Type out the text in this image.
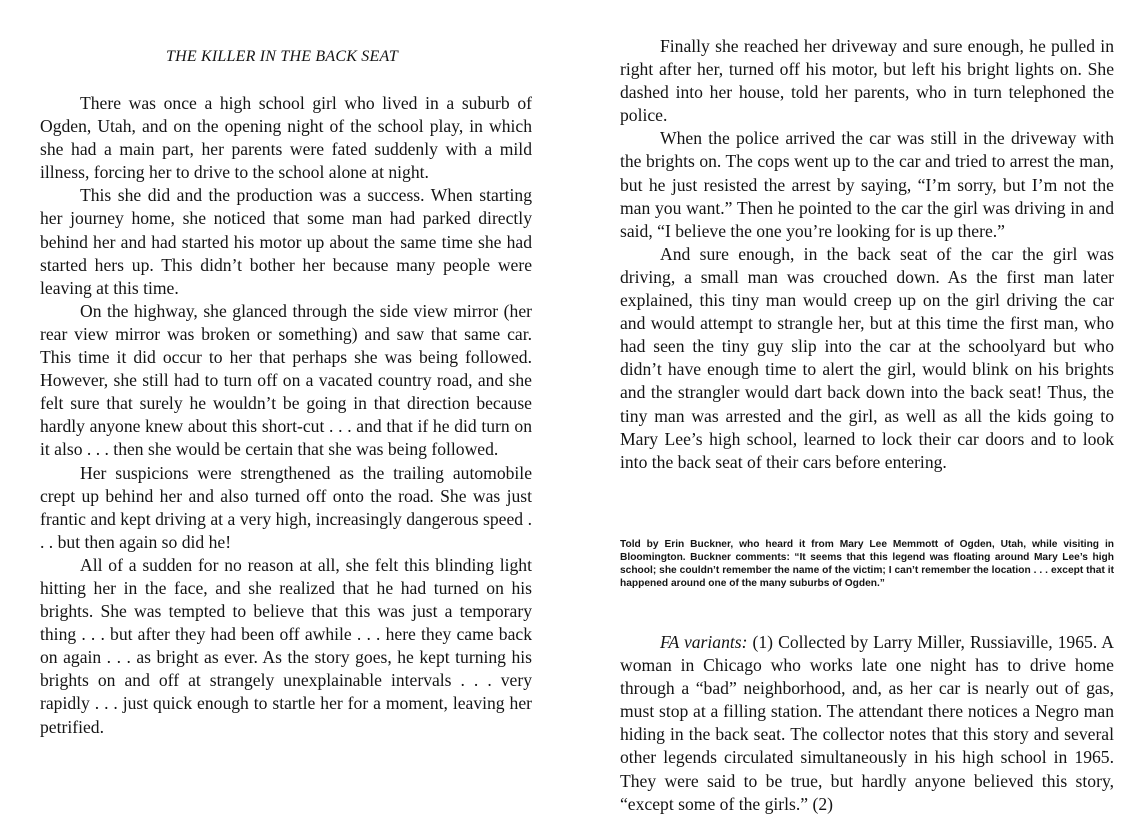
THE KILLER IN THE BACK SEAT

There was once a high school girl who lived in a suburb of Ogden, Utah, and on the opening night of the school play, in which she had a main part, her parents were fated suddenly with a mild illness, forcing her to drive to the school alone at night.

This she did and the production was a success. When starting her journey home, she noticed that some man had parked directly behind her and had started his motor up about the same time she had started hers up. This didn’t bother her because many people were leaving at this time.

On the highway, she glanced through the side view mirror (her rear view mirror was broken or something) and saw that same car. This time it did occur to her that perhaps she was being followed. However, she still had to turn off on a vacated country road, and she felt sure that surely he wouldn’t be going in that direction because hardly anyone knew about this short-cut . . . and that if he did turn on it also . . . then she would be certain that she was being followed.

Her suspicions were strengthened as the trailing automobile crept up behind her and also turned off onto the road. She was just frantic and kept driving at a very high, increasingly dangerous speed . . . but then again so did he!

All of a sudden for no reason at all, she felt this blinding light hitting her in the face, and she realized that he had turned on his brights. She was tempted to believe that this was just a temporary thing . . . but after they had been off awhile . . . here they came back on again . . . as bright as ever. As the story goes, he kept turning his brights on and off at strangely unexplainable intervals . . . very rapidly . . . just quick enough to startle her for a moment, leaving her petrified.

Finally she reached her driveway and sure enough, he pulled in right after her, turned off his motor, but left his bright lights on. She dashed into her house, told her parents, who in turn telephoned the police.

When the police arrived the car was still in the driveway with the brights on. The cops went up to the car and tried to arrest the man, but he just resisted the arrest by saying, “I’m sorry, but I’m not the man you want.” Then he pointed to the car the girl was driving in and said, “I believe the one you’re looking for is up there.”

And sure enough, in the back seat of the car the girl was driving, a small man was crouched down. As the first man later explained, this tiny man would creep up on the girl driving the car and would attempt to strangle her, but at this time the first man, who had seen the tiny guy slip into the car at the schoolyard but who didn’t have enough time to alert the girl, would blink on his brights and the strangler would dart back down into the back seat! Thus, the tiny man was arrested and the girl, as well as all the kids going to Mary Lee’s high school, learned to lock their car doors and to look into the back seat of their cars before entering.

Told by Erin Buckner, who heard it from Mary Lee Memmott of Ogden, Utah, while visiting in Bloomington. Buckner comments: “It seems that this legend was floating around Mary Lee’s high school; she couldn’t remember the name of the victim; I can’t remember the location . . . except that it happened around one of the many suburbs of Ogden.”

FA variants: (1) Collected by Larry Miller, Russiaville, 1965. A woman in Chicago who works late one night has to drive home through a “bad” neighborhood, and, as her car is nearly out of gas, must stop at a filling station. The attendant there notices a Negro man hiding in the back seat. The collector notes that this story and several other legends circulated simultaneously in his high school in 1965. They were said to be true, but hardly anyone believed this story, “except some of the girls.” (2)
